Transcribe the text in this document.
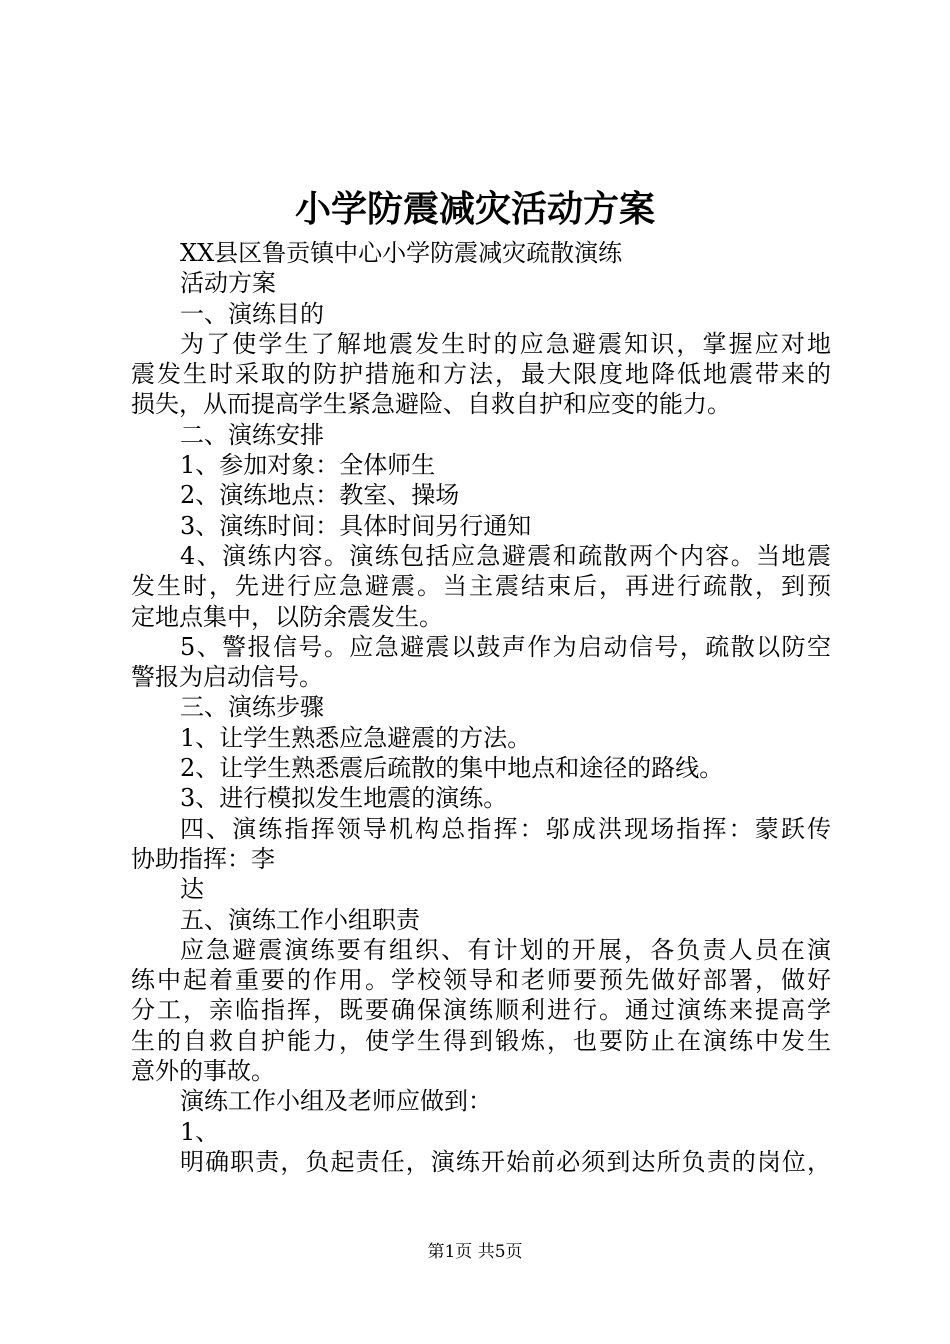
小学防震减灾活动方案

XX县区鲁贡镇中心小学防震减灾疏散演练

活动方案

一、演练目的

为了使学生了解地震发生时的应急避震知识，掌握应对地

震发生时采取的防护措施和方法，最大限度地降低地震带来的

损失，从而提高学生紧急避险、自救自护和应变的能力。

二、演练安排

1、参加对象：全体师生

2、演练地点：教室、操场

3、演练时间：具体时间另行通知

4、演练内容。演练包括应急避震和疏散两个内容。当地震

发生时，先进行应急避震。当主震结束后，再进行疏散，到预

定地点集中，以防余震发生。

5、警报信号。应急避震以鼓声作为启动信号，疏散以防空

警报为启动信号。

三、演练步骤

1、让学生熟悉应急避震的方法。

2、让学生熟悉震后疏散的集中地点和途径的路线。

3、进行模拟发生地震的演练。

四、演练指挥领导机构总指挥：邬成洪现场指挥：蒙跃传

协助指挥：李

达

五、演练工作小组职责

应急避震演练要有组织、有计划的开展，各负责人员在演

练中起着重要的作用。学校领导和老师要预先做好部署，做好

分工，亲临指挥，既要确保演练顺利进行。通过演练来提高学

生的自救自护能力，使学生得到锻炼，也要防止在演练中发生

意外的事故。

演练工作小组及老师应做到：

1、

明确职责，负起责任，演练开始前必须到达所负责的岗位，

第1页 共5页
